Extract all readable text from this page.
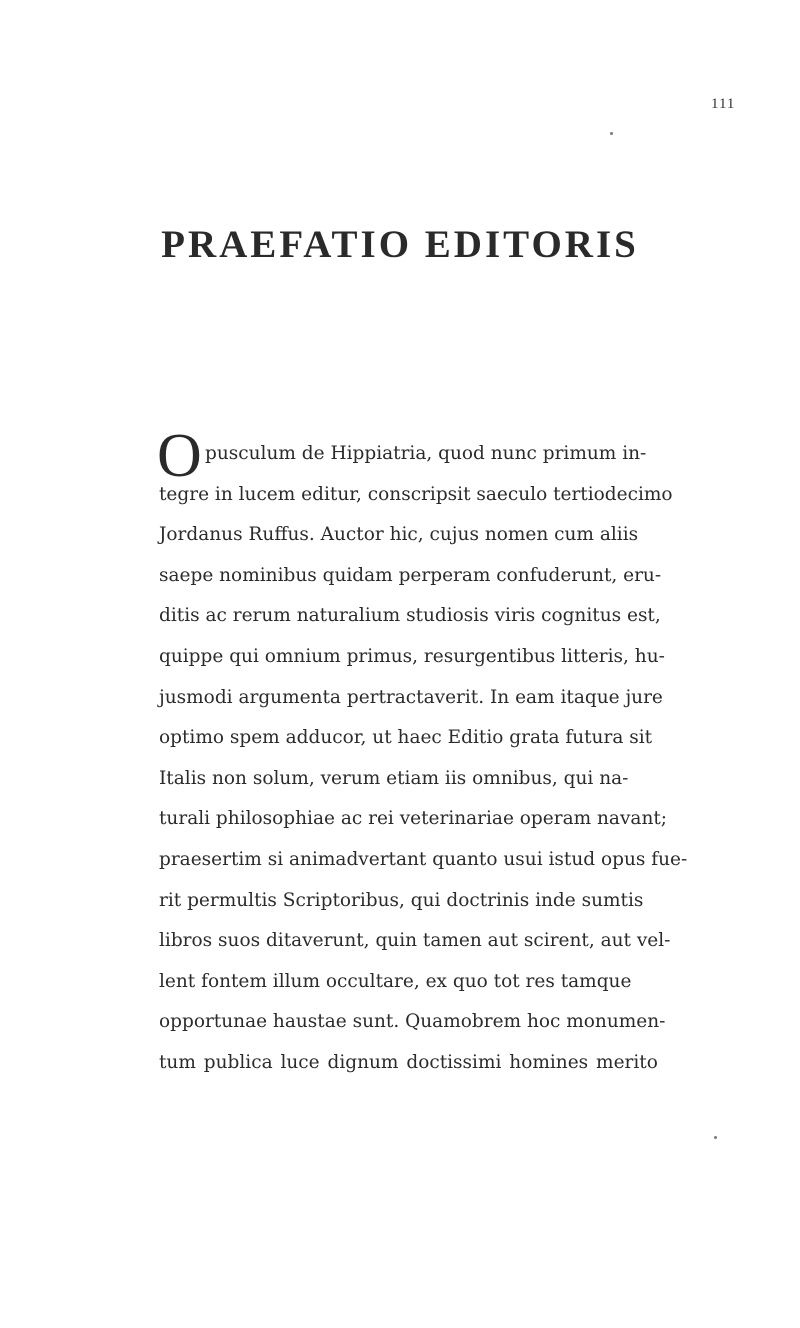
111
PRAEFATIO EDITORIS
O pusculum de Hippiatria, quod nunc primum in-
tegre in lucem editur, conscripsit saeculo tertiodecimo
Jordanus Ruffus. Auctor hic, cujus nomen cum aliis
saepe nominibus quidam perperam confuderunt, eru-
ditis ac rerum naturalium studiosis viris cognitus est,
quippe qui omnium primus, resurgentibus litteris, hu-
jusmodi argumenta pertractaverit. In eam itaque jure
optimo spem adducor, ut haec Editio grata futura sit
Italis non solum, verum etiam iis omnibus, qui na-
turali philosophiae ac rei veterinariae operam navant;
praesertim si animadvertant quanto usui istud opus fue-
rit permultis Scriptoribus, qui doctrinis inde sumtis
libros suos ditaverunt, quin tamen aut scirent, aut vel-
lent fontem illum occultare, ex quo tot res tamque
opportunae haustae sunt. Quamobrem hoc monumen-
tum publica luce dignum doctissimi homines merito
